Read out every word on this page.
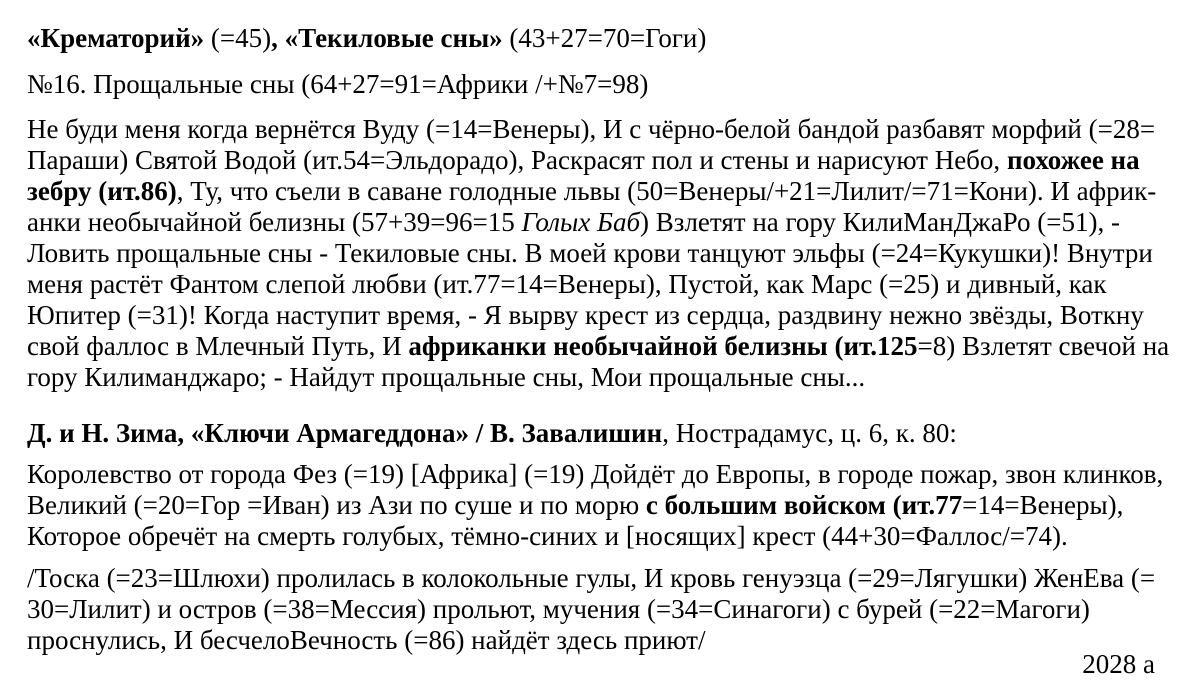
«Крематорий» (=45), «Текиловые сны» (43+27=70=Гоги)
№16. Прощальные сны (64+27=91=Африки /+№7=98)
Не буди меня когда вернётся Вуду (=14=Венеры), И с чёрно-белой бандой разбавят морфий (=28=
Параши) Святой Водой (ит.54=Эльдорадо), Раскрасят пол и стены и нарисуют Небо, похожее на
зебру (ит.86), Ту, что съели в саване голодные львы (50=Венеры/+21=Лилит/=71=Кони). И африк-
анки необычайной белизны (57+39=96=15 Голых Баб) Взлетят на гору КилиМанДжаРо (=51), -
Ловить прощальные сны - Текиловые сны. В моей крови танцуют эльфы (=24=Кукушки)! Внутри
меня растёт Фантом слепой любви (ит.77=14=Венеры), Пустой, как Марс (=25) и дивный, как
Юпитер (=31)! Когда наступит время, - Я вырву крест из сердца, раздвину нежно звёзды, Воткну
свой фаллос в Млечный Путь, И африканки необычайной белизны (ит.125=8) Взлетят свечой на
гору Килиманджаро; - Найдут прощальные сны, Мои прощальные сны...
Д. и Н. Зима, «Ключи Армагеддона» / В. Завалишин, Нострадамус, ц. 6, к. 80:
Королевство от города Фез (=19) [Африка] (=19) Дойдёт до Европы, в городе пожар, звон клинков,
Великий (=20=Гор =Иван) из Ази по суше и по морю с большим войском (ит.77=14=Венеры),
Которое обречёт на смерть голубых, тёмно-синих и [носящих] крест (44+30=Фаллос/=74).
/Тоска (=23=Шлюхи) пролилась в колокольные гулы, И кровь генуэзца (=29=Лягушки) ЖенЕва (=
30=Лилит) и остров (=38=Мессия) прольют, мучения (=34=Синагоги) с бурей (=22=Магоги)
проснулись, И бесчелоВечность (=86) найдёт здесь приют/
2028 а
